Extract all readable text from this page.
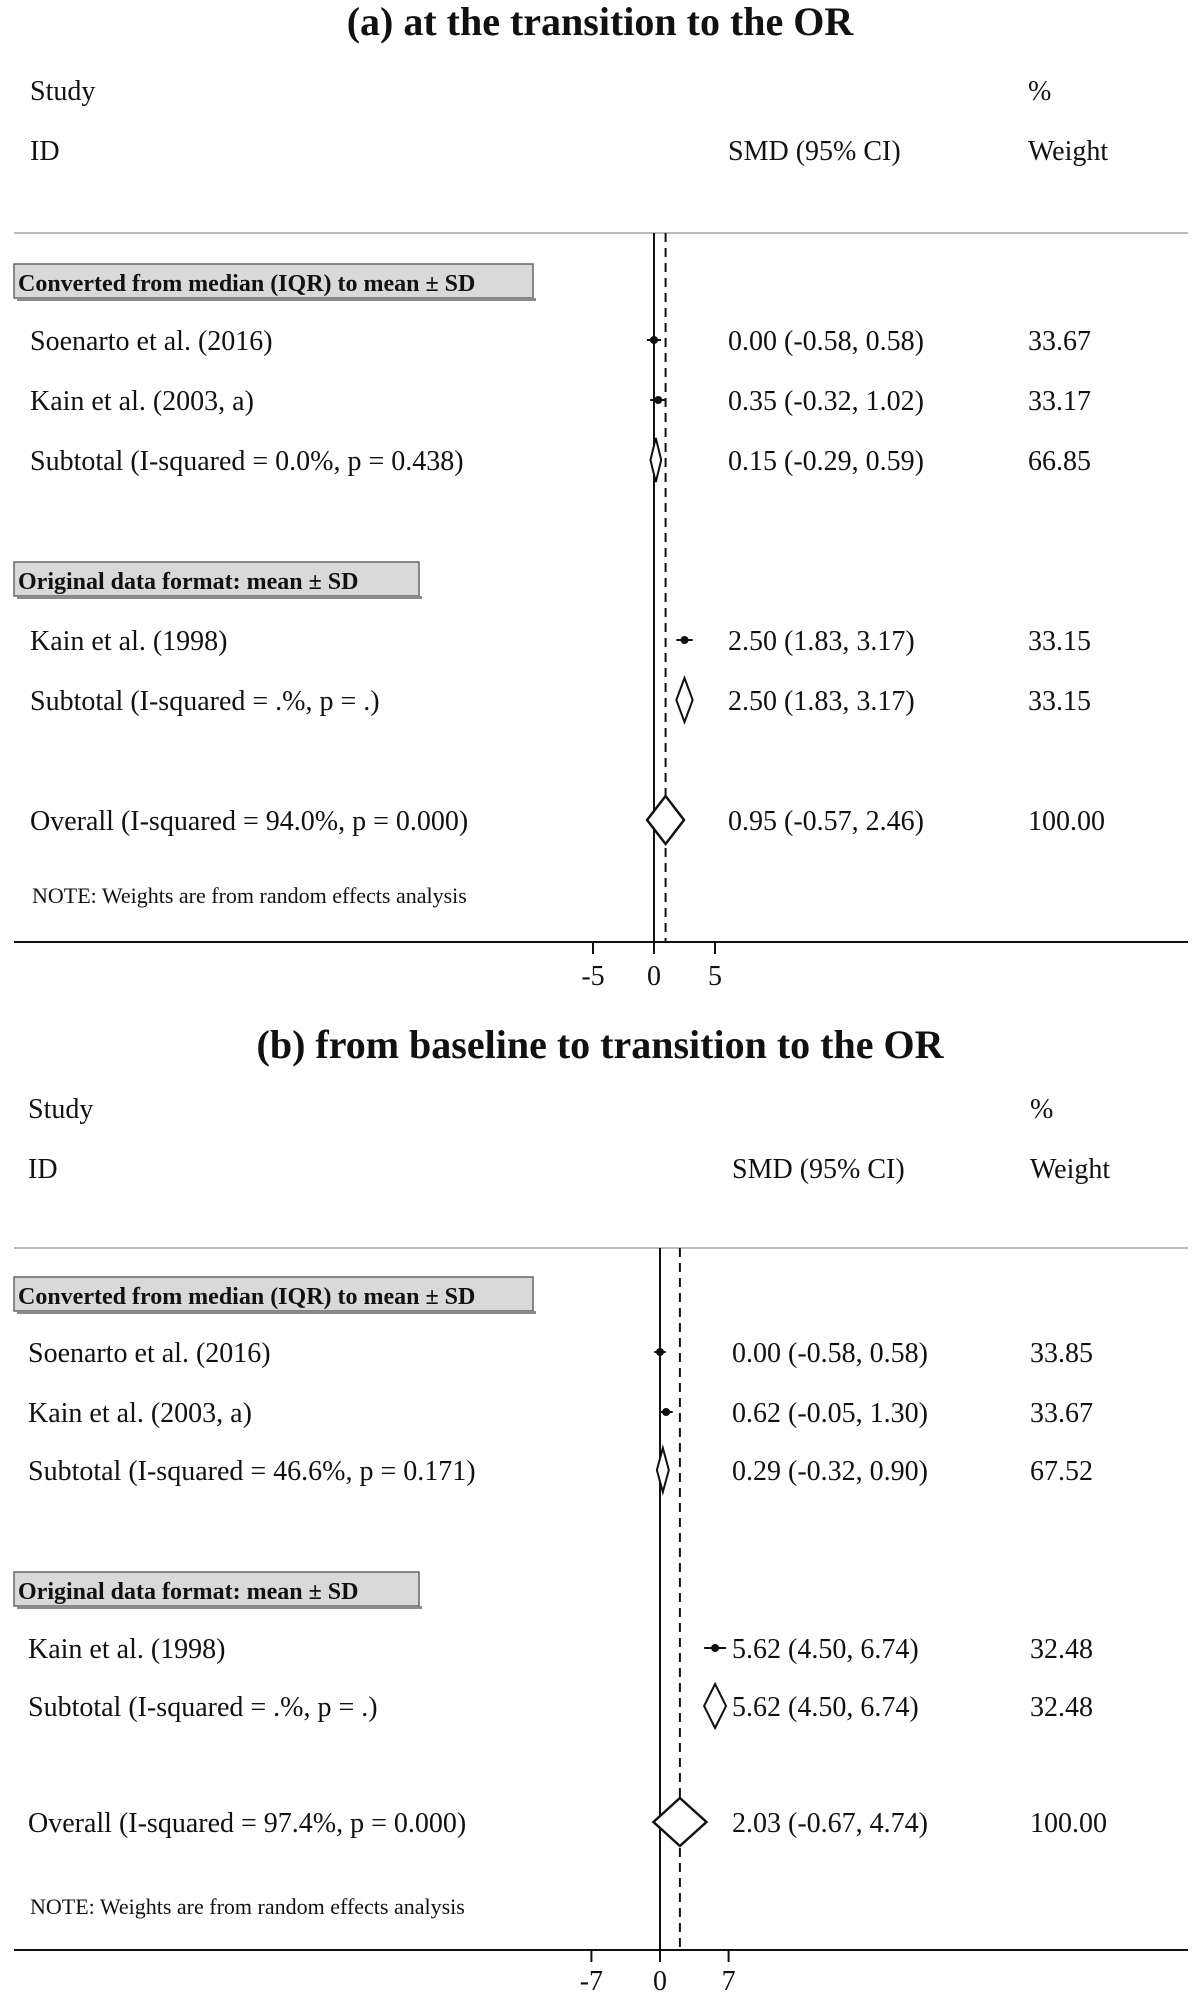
(a) at the transition to the OR
Study
ID	SMD (95% CI)
%
Weight
Converted from median (IQR) to mean ± SD
Soenarto et al. (2016)	0.00 (-0.58, 0.58)	33.67
Kain et al. (2003, a)	0.35 (-0.32, 1.02)	33.17
Subtotal (I-squared = 0.0%, p = 0.438)	0.15 (-0.29, 0.59)	66.85
Original data format: mean ± SD
Kain et al. (1998)	2.50 (1.83, 3.17)	33.15
Subtotal (I-squared = .%, p = .)	2.50 (1.83, 3.17)	33.15
Overall (I-squared = 94.0%, p = 0.000)	0.95 (-0.57, 2.46)	100.00
NOTE: Weights are from random effects analysis
-5 0 5
(b) from baseline to transition to the OR
Study
ID	SMD (95% CI)
%
Weight
Converted from median (IQR) to mean ± SD
Soenarto et al. (2016)	0.00 (-0.58, 0.58)	33.85
Kain et al. (2003, a)	0.62 (-0.05, 1.30)	33.67
Subtotal (I-squared = 46.6%, p = 0.171)	0.29 (-0.32, 0.90)	67.52
Original data format: mean ± SD
Kain et al. (1998)	5.62 (4.50, 6.74)	32.48
Subtotal (I-squared = .%, p = .)	5.62 (4.50, 6.74)	32.48
Overall (I-squared = 97.4%, p = 0.000)	2.03 (-0.67, 4.74)	100.00
NOTE: Weights are from random effects analysis
-7 0 7
